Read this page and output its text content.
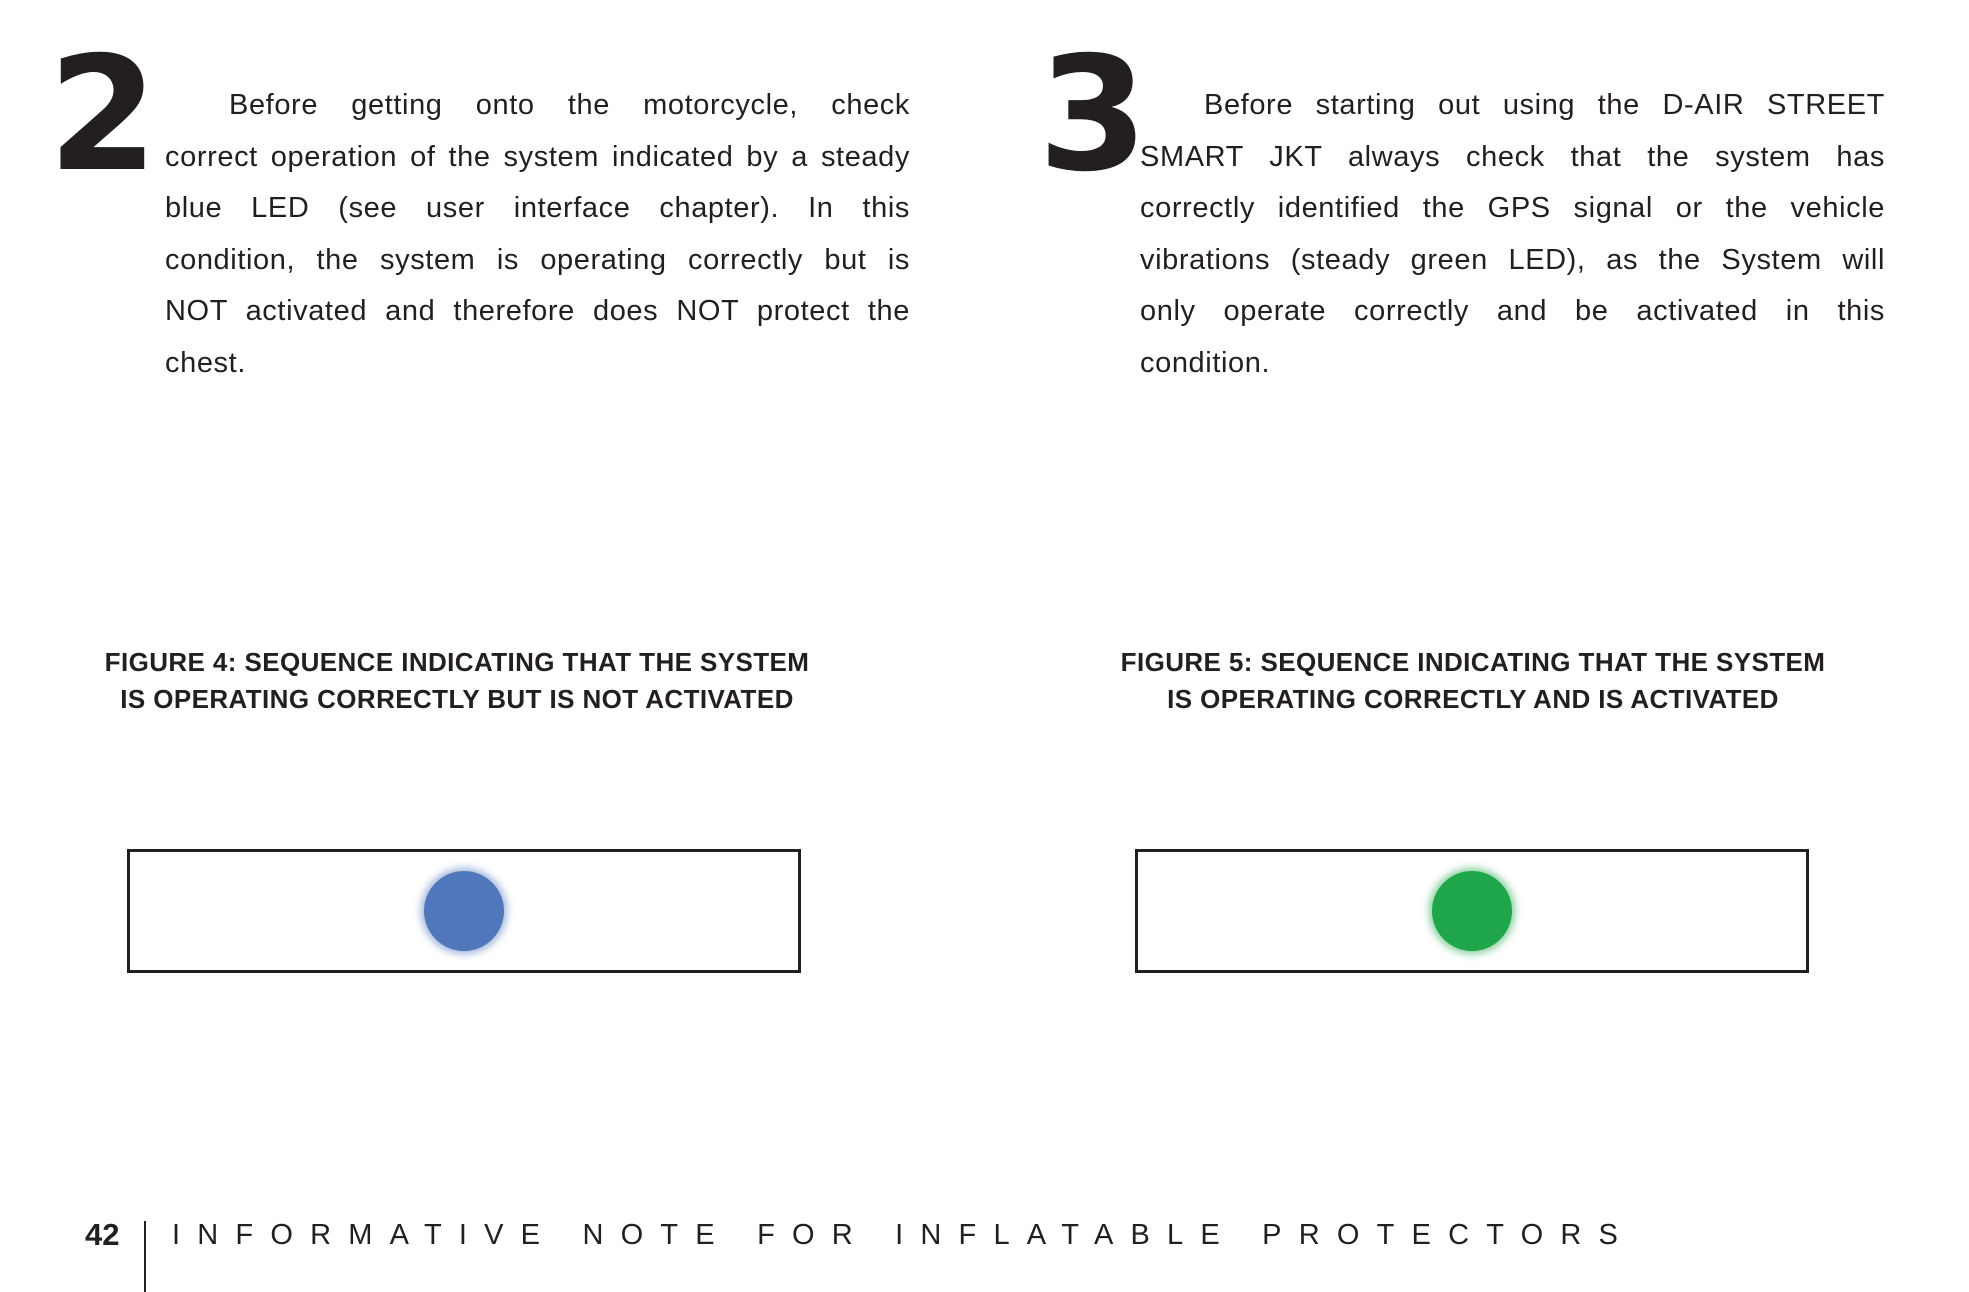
2	Before getting onto the motorcycle, check correct operation of the system indicated by a steady blue LED (see user interface chapter). In this condition, the system is operating correctly but is NOT activated and therefore does NOT protect the chest.
3	Before starting out using the D-AIR STREET SMART JKT always check that the system has correctly identified the GPS signal or the vehicle vibrations (steady green LED), as the System will only operate correctly and be activated in this condition.
FIGURE 4: SEQUENCE INDICATING THAT THE SYSTEM
IS OPERATING CORRECTLY BUT IS NOT ACTIVATED
FIGURE 5: SEQUENCE INDICATING THAT THE SYSTEM
IS OPERATING CORRECTLY AND IS ACTIVATED
42 INFORMATIVE NOTE FOR INFLATABLE PROTECTORS
